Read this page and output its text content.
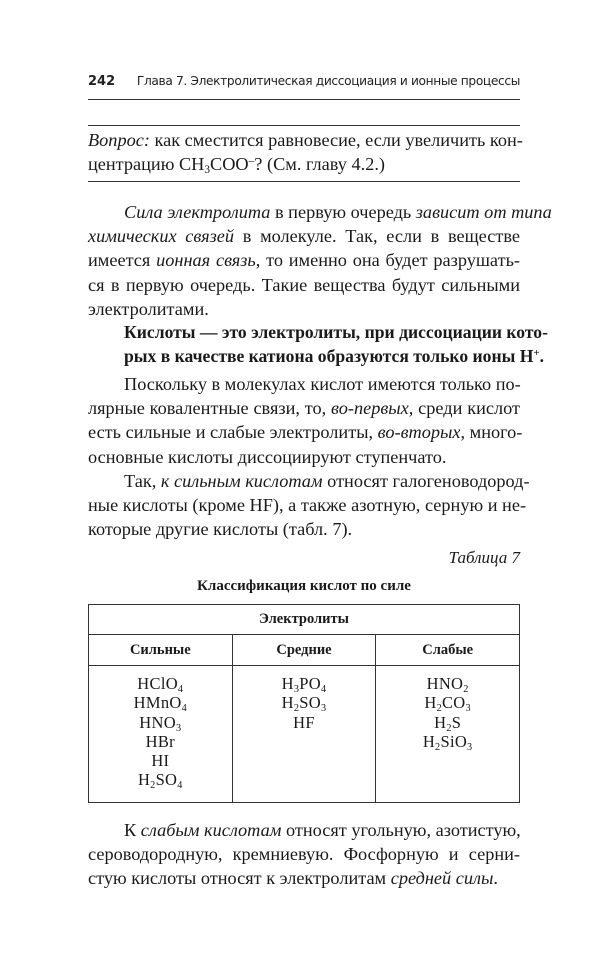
242 Глава 7. Электролитическая диссоциация и ионные процессы
Вопрос: как сместится равновесие, если увеличить кон-
центрацию $CH_3COO^-$? (См. главу 4.2.)
Сила электролита в первую очередь зависит от типа
химических связей в молекуле. Так, если в веществе
имеется ионная связь, то именно она будет разрушать-
ся в первую очередь. Такие вещества будут сильными
электролитами.
Кислоты — это электролиты, при диссоциации кото-
рых в качестве катиона образуются только ионы H+.
Поскольку в молекулах кислот имеются только по-
лярные ковалентные связи, то, во-первых, среди кислот
есть сильные и слабые электролиты, во-вторых, много-
основные кислоты диссоциируют ступенчато.
Так, к сильным кислотам относят галогеноводород-
ные кислоты (кроме HF), а также азотную, серную и не-
которые другие кислоты (табл. 7).
Таблица 7
Классификация кислот по силе
Электролиты		
Сильные	Средние	Слабые

HClO$_4$
HMnO$_4$
$HNO_3$
HBr
HI
$H_2SO_4$

$H_3PO_4$
$H_2SO_3$
HF

$HNO_2$
$H_2CO_3$
$H_2S$
$H_2SiO_3$
К слабым кислотам относят угольную, азотистую,
сероводородную, кремниевую. Фосфорную и серни-
стую кислоты относят к электролитам средней силы.
